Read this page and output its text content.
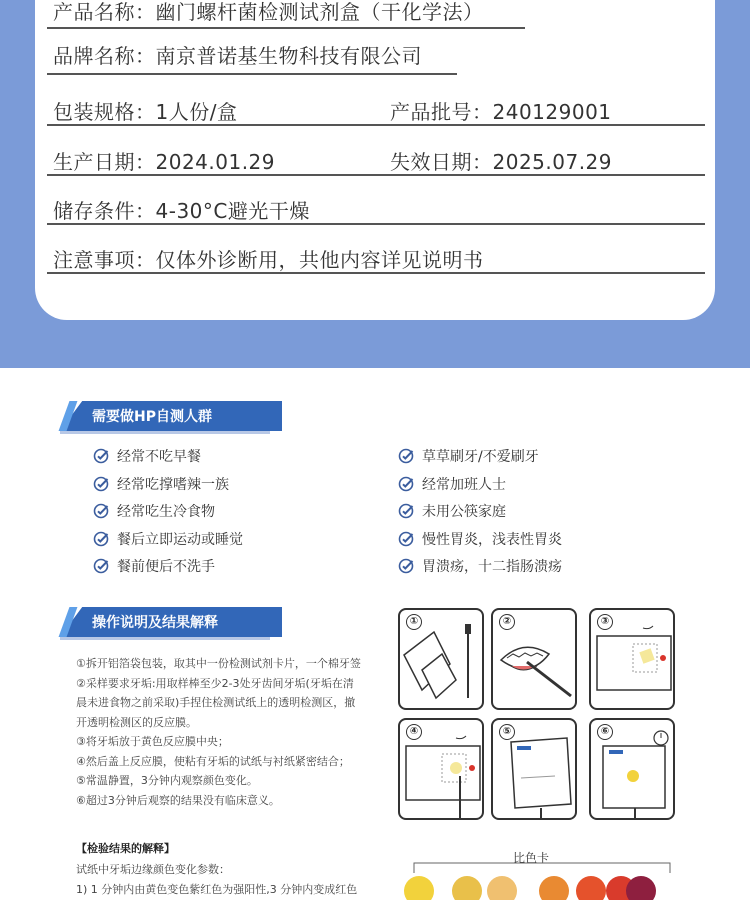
产品名称：幽门螺杆菌检测试剂盒（干化学法）
品牌名称：南京普诺基生物科技有限公司
包装规格：1人份/盒	产品批号：240129001
生产日期：2024.01.29	失效日期：2025.07.29
储存条件：4-30°C避光干燥
注意事项：仅体外诊断用，共他内容详见说明书
需要做HP自测人群
经常不吃早餐
经常吃撑嗜辣一族
经常吃生冷食物
餐后立即运动或睡觉
餐前便后不洗手
草草刷牙/不爱刷牙
经常加班人士
未用公筷家庭
慢性胃炎，浅表性胃炎
胃溃疡，十二指肠溃疡
操作说明及结果解释
①拆开铝箔袋包装，取其中一份检测试剂卡片，一个棉牙签
②采样要求牙垢:用取样棒至少2-3处牙齿间牙垢(牙垢在清
晨未进食物之前采取)手捏住检测试纸上的透明检测区，撤
开透明检测区的反应膜。
③将牙垢放于黄色反应膜中央；
④然后盖上反应膜，使粘有牙垢的试纸与衬纸紧密结合；
⑤常温静置，3分钟内观察颜色变化。
⑥超过3分钟后观察的结果没有临床意义。
【检验结果的解释】
试纸中牙垢边缘颜色变化参数：
1) 1 分钟内由黄色变色紫红色为强阳性,3 分钟内变成红色
①	②	③
④	⑤	⑥
比色卡
